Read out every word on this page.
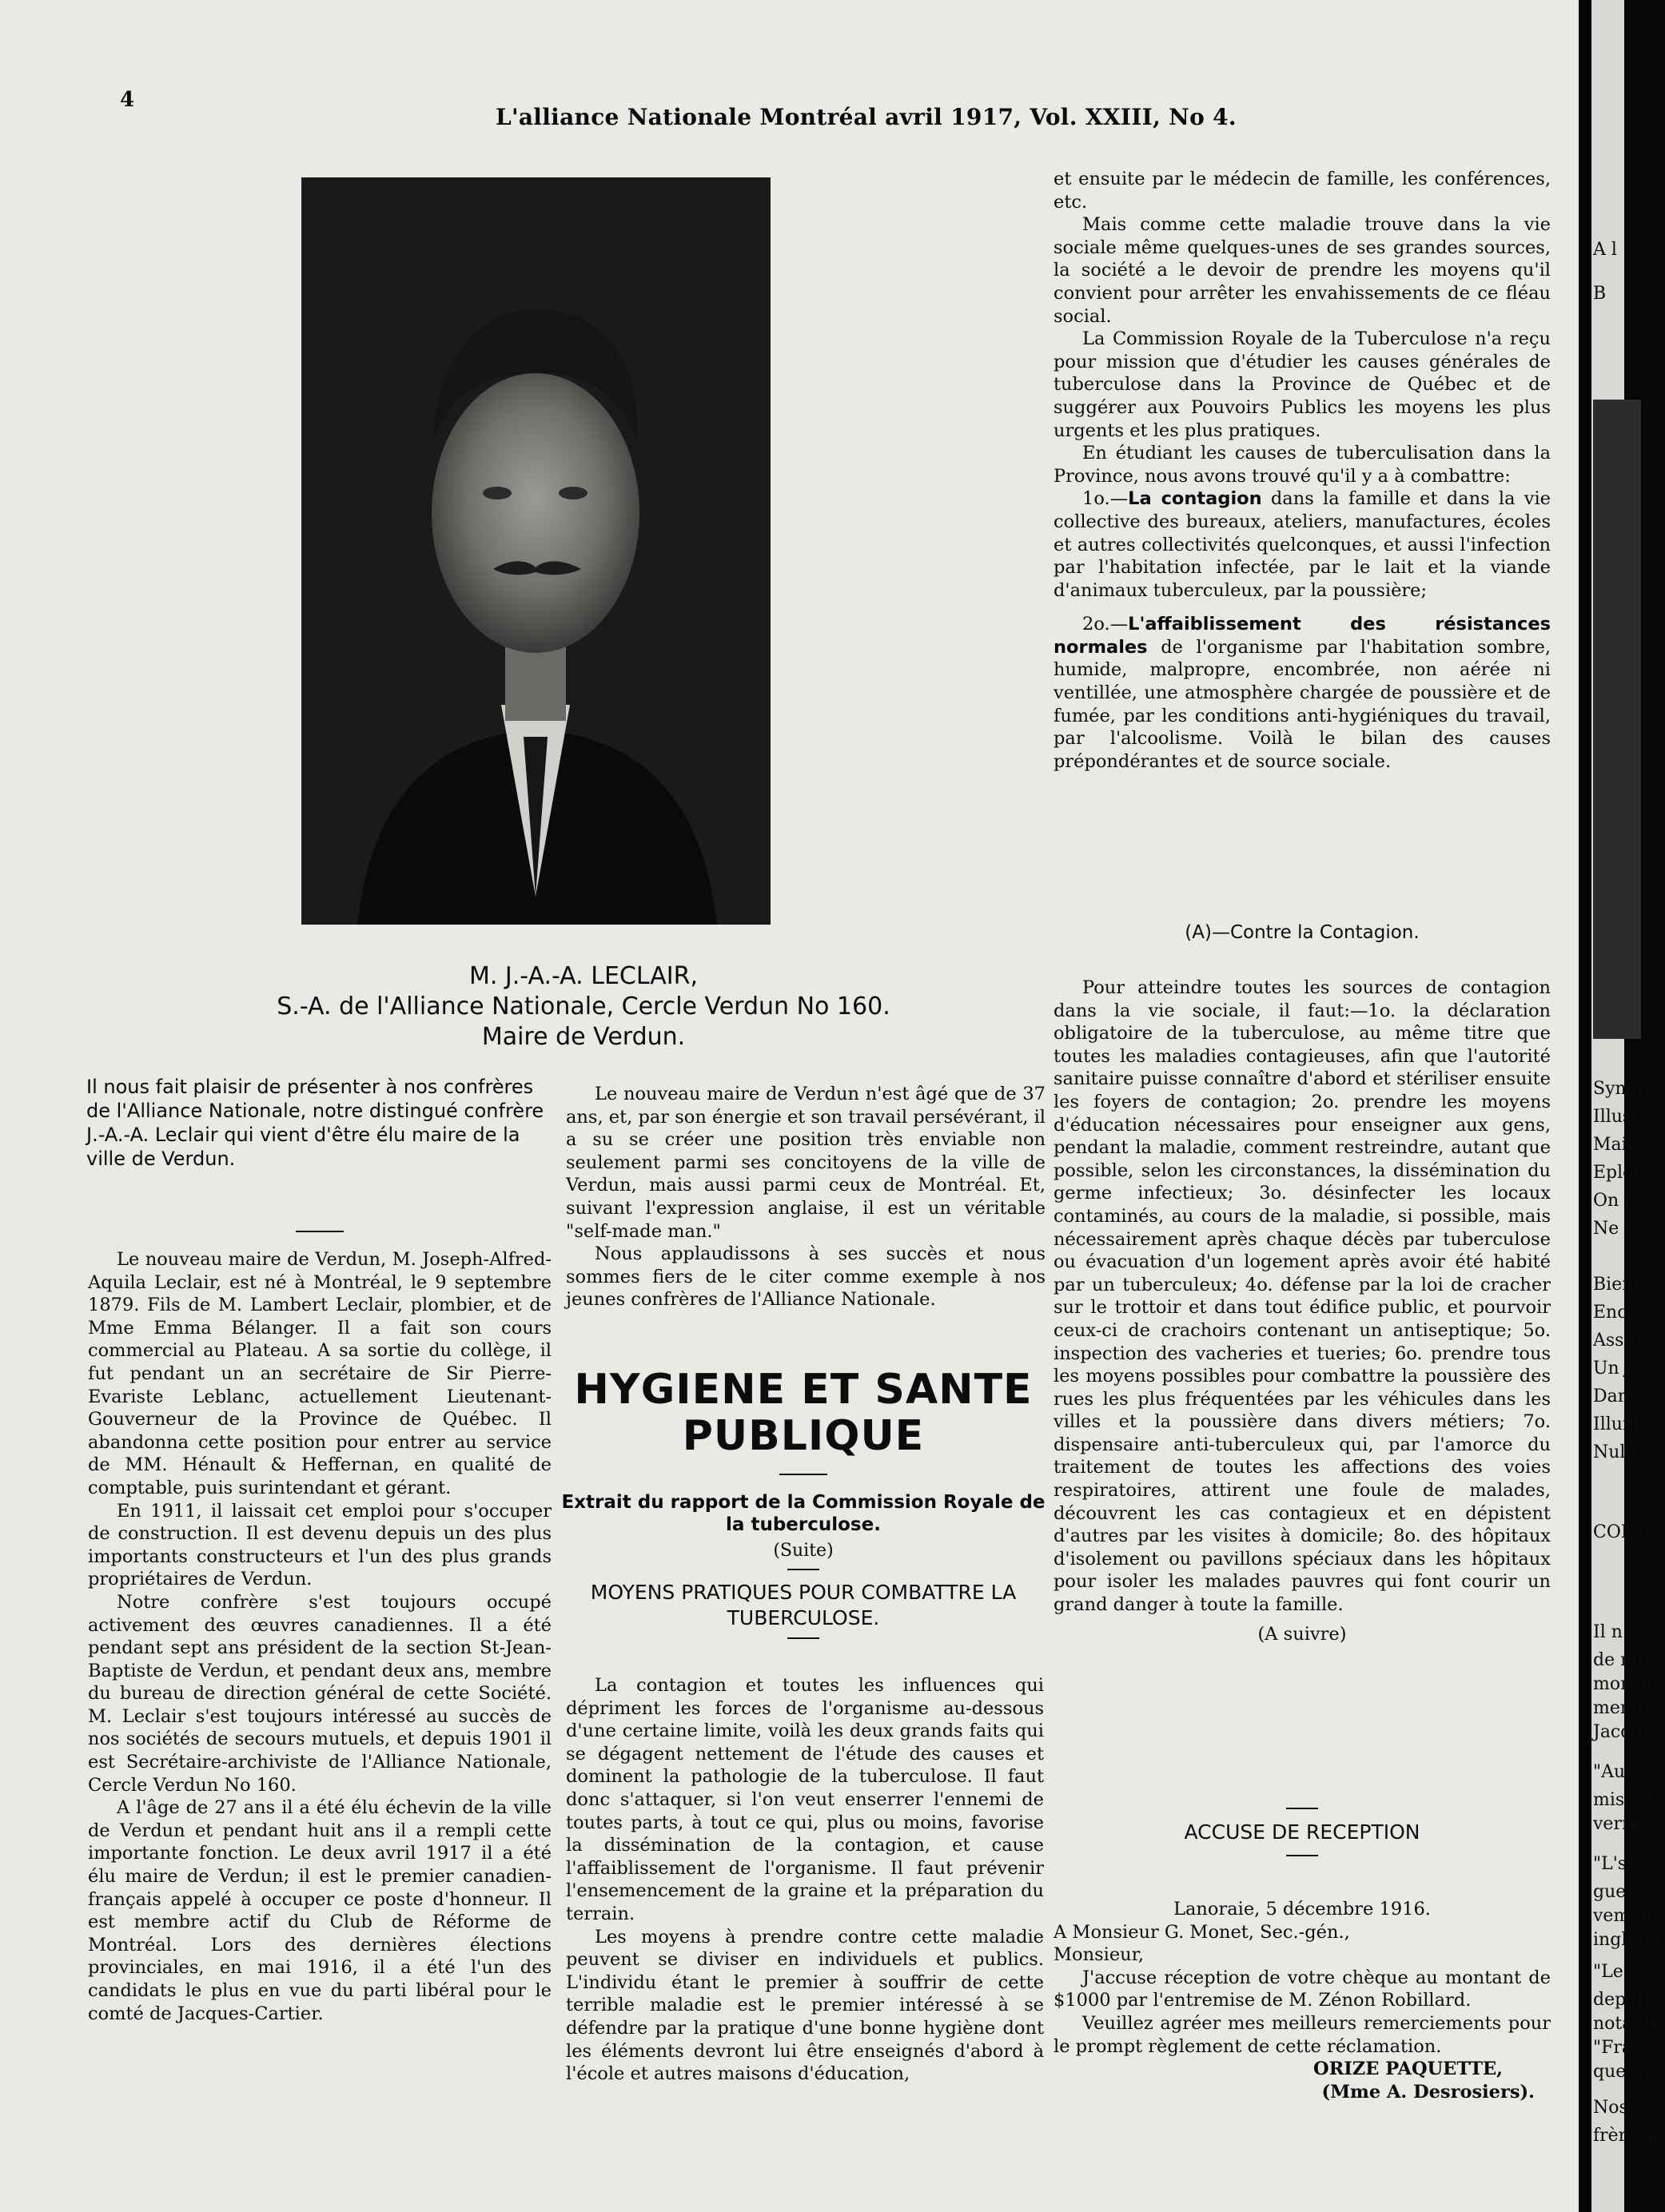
4
L'alliance Nationale Montréal avril 1917, Vol. XXIII, No 4.

M. J.-A.-A. LECLAIR,

S.-A. de l'Alliance Nationale, Cercle Verdun No 160.

Maire de Verdun.

Il nous fait plaisir de présenter à nos confrères de l'Alliance Nationale, notre distingué confrère J.-A.-A. Leclair qui vient d'être élu maire de la ville de Verdun.

Le nouveau maire de Verdun, M. Joseph-Alfred-Aquila Leclair, est né à Montréal, le 9 septembre 1879. Fils de M. Lambert Leclair, plombier, et de Mme Emma Bélanger. Il a fait son cours commercial au Plateau. A sa sortie du collège, il fut pendant un an secrétaire de Sir Pierre-Evariste Leblanc, actuellement Lieutenant-Gouverneur de la Province de Québec. Il abandonna cette position pour entrer au service de MM. Hénault & Heffernan, en qualité de comptable, puis surintendant et gérant.

En 1911, il laissait cet emploi pour s'occuper de construction. Il est devenu depuis un des plus importants constructeurs et l'un des plus grands propriétaires de Verdun.

Notre confrère s'est toujours occupé activement des œuvres canadiennes. Il a été pendant sept ans président de la section St-Jean-Baptiste de Verdun, et pendant deux ans, membre du bureau de direction général de cette Société. M. Leclair s'est toujours intéressé au succès de nos sociétés de secours mutuels, et depuis 1901 il est Secrétaire-archiviste de l'Alliance Nationale, Cercle Verdun No 160.

A l'âge de 27 ans il a été élu échevin de la ville de Verdun et pendant huit ans il a rempli cette importante fonction. Le deux avril 1917 il a été élu maire de Verdun; il est le premier canadien-français appelé à occuper ce poste d'honneur. Il est membre actif du Club de Réforme de Montréal. Lors des dernières élections provinciales, en mai 1916, il a été l'un des candidats le plus en vue du parti libéral pour le comté de Jacques-Cartier.

Le nouveau maire de Verdun n'est âgé que de 37 ans, et, par son énergie et son travail persévérant, il a su se créer une position très enviable non seulement parmi ses concitoyens de la ville de Verdun, mais aussi parmi ceux de Montréal. Et, suivant l'expression anglaise, il est un véritable "self-made man."

Nous applaudissons à ses succès et nous sommes fiers de le citer comme exemple à nos jeunes confrères de l'Alliance Nationale.

HYGIENE ET SANTE PUBLIQUE

Extrait du rapport de la Commission Royale de la tuberculose.

(Suite)

MOYENS PRATIQUES POUR COMBATTRE LA TUBERCULOSE.

La contagion et toutes les influences qui dépriment les forces de l'organisme au-dessous d'une certaine limite, voilà les deux grands faits qui se dégagent nettement de l'étude des causes et dominent la pathologie de la tuberculose. Il faut donc s'attaquer, si l'on veut enserrer l'ennemi de toutes parts, à tout ce qui, plus ou moins, favorise la dissémination de la contagion, et cause l'affaiblissement de l'organisme. Il faut prévenir l'ensemencement de la graine et la préparation du terrain.

Les moyens à prendre contre cette maladie peuvent se diviser en individuels et publics. L'individu étant le premier à souffrir de cette terrible maladie est le premier intéressé à se défendre par la pratique d'une bonne hygiène dont les éléments devront lui être enseignés d'abord à l'école et autres maisons d'éducation,

et ensuite par le médecin de famille, les conférences, etc.

Mais comme cette maladie trouve dans la vie sociale même quelques-unes de ses grandes sources, la société a le devoir de prendre les moyens qu'il convient pour arrêter les envahissements de ce fléau social.

La Commission Royale de la Tuberculose n'a reçu pour mission que d'étudier les causes générales de tuberculose dans la Province de Québec et de suggérer aux Pouvoirs Publics les moyens les plus urgents et les plus pratiques.

En étudiant les causes de tuberculisation dans la Province, nous avons trouvé qu'il y a à combattre:

1o.—La contagion dans la famille et dans la vie collective des bureaux, ateliers, manufactures, écoles et autres collectivités quelconques, et aussi l'infection par l'habitation infectée, par le lait et la viande d'animaux tuberculeux, par la poussière;

2o.—L'affaiblissement des résistances normales de l'organisme par l'habitation sombre, humide, malpropre, encombrée, non aérée ni ventillée, une atmosphère chargée de poussière et de fumée, par les conditions anti-hygiéniques du travail, par l'alcoolisme. Voilà le bilan des causes prépondérantes et de source sociale.

(A)—Contre la Contagion.

Pour atteindre toutes les sources de contagion dans la vie sociale, il faut:—1o. la déclaration obligatoire de la tuberculose, au même titre que toutes les maladies contagieuses, afin que l'autorité sanitaire puisse connaître d'abord et stériliser ensuite les foyers de contagion; 2o. prendre les moyens d'éducation nécessaires pour enseigner aux gens, pendant la maladie, comment restreindre, autant que possible, selon les circonstances, la dissémination du germe infectieux; 3o. désinfecter les locaux contaminés, au cours de la maladie, si possible, mais nécessairement après chaque décès par tuberculose ou évacuation d'un logement après avoir été habité par un tuberculeux; 4o. défense par la loi de cracher sur le trottoir et dans tout édifice public, et pourvoir ceux-ci de crachoirs contenant un antiseptique; 5o. inspection des vacheries et tueries; 6o. prendre tous les moyens possibles pour combattre la poussière des rues les plus fréquentées par les véhicules dans les villes et la poussière dans divers métiers; 7o. dispensaire anti-tuberculeux qui, par l'amorce du traitement de toutes les affections des voies respiratoires, attirent une foule de malades, découvrent les cas contagieux et en dépistent d'autres par les visites à domicile; 8o. des hôpitaux d'isolement ou pavillons spéciaux dans les hôpitaux pour isoler les malades pauvres qui font courir un grand danger à toute la famille.

(A suivre)

ACCUSE DE RECEPTION

Lanoraie, 5 décembre 1916.

A Monsieur G. Monet, Sec.-gén.,

Monsieur,

J'accuse réception de votre chèque au montant de $1000 par l'entremise de M. Zénon Robillard.

Veuillez agréer mes meilleurs remerciements pour le prompt règlement de cette réclamation.

ORIZE PAQUETTE,

(Mme A. Desrosiers).

A l
B
Symp
Illust
Main
Eplor
On p
Ne p
Bienf
Enco
Assur
Un ju
Dans
Illum
Nul r
CONF
Il n
de no
monsie
memb
Jacque
"Au
mis im
vernen
"L's
guerre
vembre
ingham
"Le
depuis
notable
"Franç
quelque
Nos
frère, a
